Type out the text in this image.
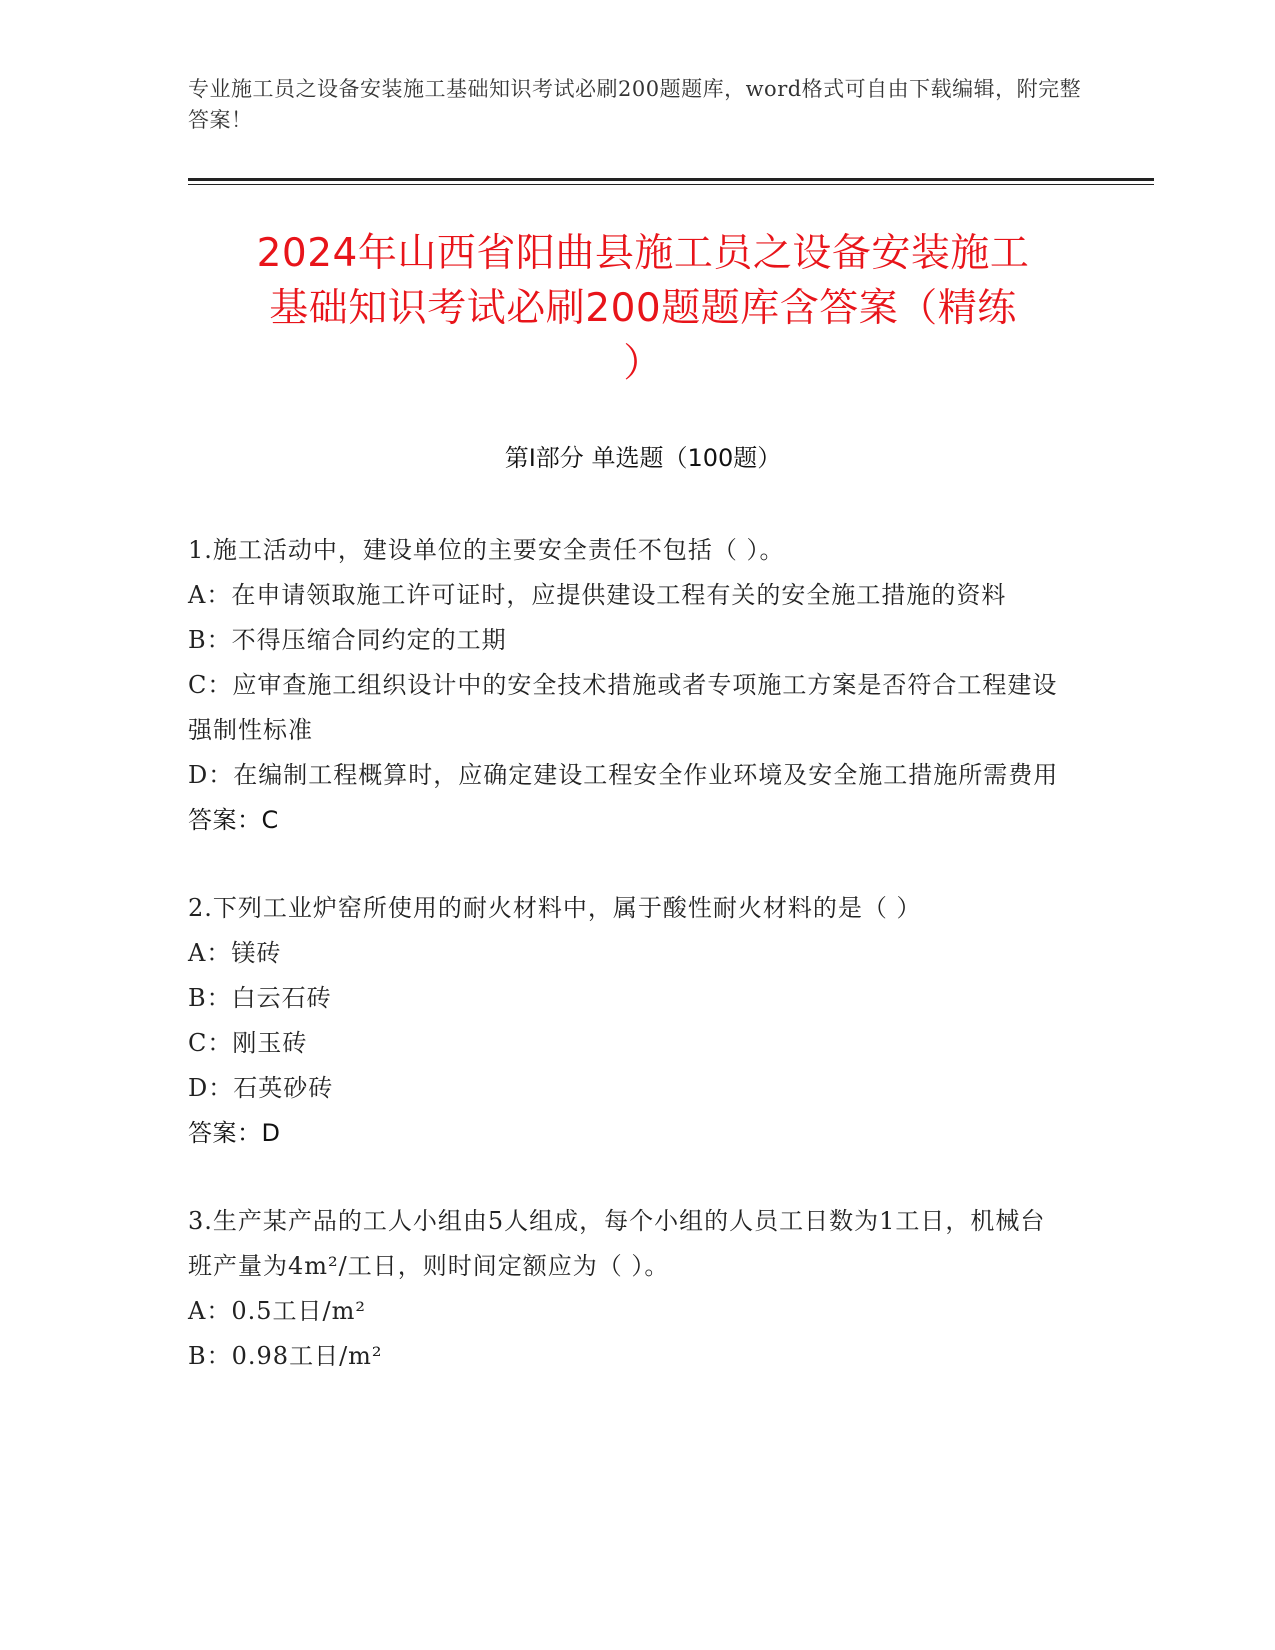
专业施工员之设备安装施工基础知识考试必刷200题题库，word格式可自由下载编辑，附完整答案！
2024年山西省阳曲县施工员之设备安装施工
基础知识考试必刷200题题库含答案（精练
）
第Ⅰ部分 单选题（100题）

1.施工活动中，建设单位的主要安全责任不包括（ ）。

A：在申请领取施工许可证时，应提供建设工程有关的安全施工措施的资料

B：不得压缩合同约定的工期

C：应审查施工组织设计中的安全技术措施或者专项施工方案是否符合工程建设强制性标准

D：在编制工程概算时，应确定建设工程安全作业环境及安全施工措施所需费用

答案：C

2.下列工业炉窑所使用的耐火材料中，属于酸性耐火材料的是（ ）

A：镁砖

B：白云石砖

C：刚玉砖

D：石英砂砖

答案：D

3.生产某产品的工人小组由5人组成，每个小组的人员工日数为1工日，机械台班产量为4m²/工日，则时间定额应为（ ）。

A：0.5工日/m²

B：0.98工日/m²
